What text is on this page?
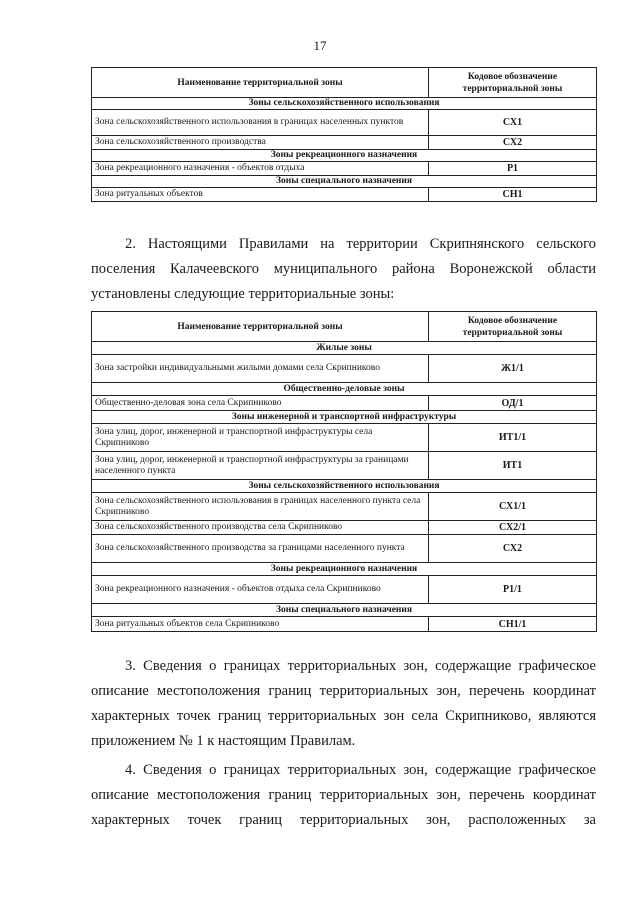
17
Наименование территориальной зоны	Кодовое обозначение территориальной зоны
Зоны сельскохозяйственного использования	
Зона сельскохозяйственного использования в границах населенных пунктов	СХ1
Зона сельскохозяйственного производства	СХ2
Зоны рекреационного назначения	
Зона рекреационного назначения - объектов отдыха	Р1
Зоны специального назначения	
Зона ритуальных объектов	СН1
2. Настоящими Правилами на территории Скрипнянского сельского
поселения Калачеевского муниципального района Воронежской области
установлены следующие территориальные зоны:
Наименование территориальной зоны	Кодовое обозначение территориальной зоны
Жилые зоны	
Зона застройки индивидуальными жилыми домами села Скрипниково	Ж1/1
Общественно-деловые зоны	
Общественно-деловая зона села Скрипниково	ОД/1
Зоны инженерной и транспортной инфраструктуры	
Зона улиц, дорог, инженерной и транспортной инфраструктуры села Скрипниково	ИТ1/1
Зона улиц, дорог, инженерной и транспортной инфраструктуры за границами населенного пункта	ИТ1
Зоны сельскохозяйственного использования	
Зона сельскохозяйственного использования в границах населенного пункта села Скрипниково	СХ1/1
Зона сельскохозяйственного производства села Скрипниково	СХ2/1
Зона сельскохозяйственного производства за границами населенного пункта	СХ2
Зоны рекреационного назначения	
Зона рекреационного назначения - объектов отдыха села Скрипниково	Р1/1
Зоны специального назначения	
Зона ритуальных объектов села Скрипниково	СН1/1
3. Сведения о границах территориальных зон, содержащие графическое
описание местоположения границ территориальных зон, перечень координат
характерных точек границ территориальных зон села Скрипниково, являются
приложением № 1 к настоящим Правилам.
4. Сведения о границах территориальных зон, содержащие графическое
описание местоположения границ территориальных зон, перечень координат
характерных точек границ территориальных зон, расположенных за
